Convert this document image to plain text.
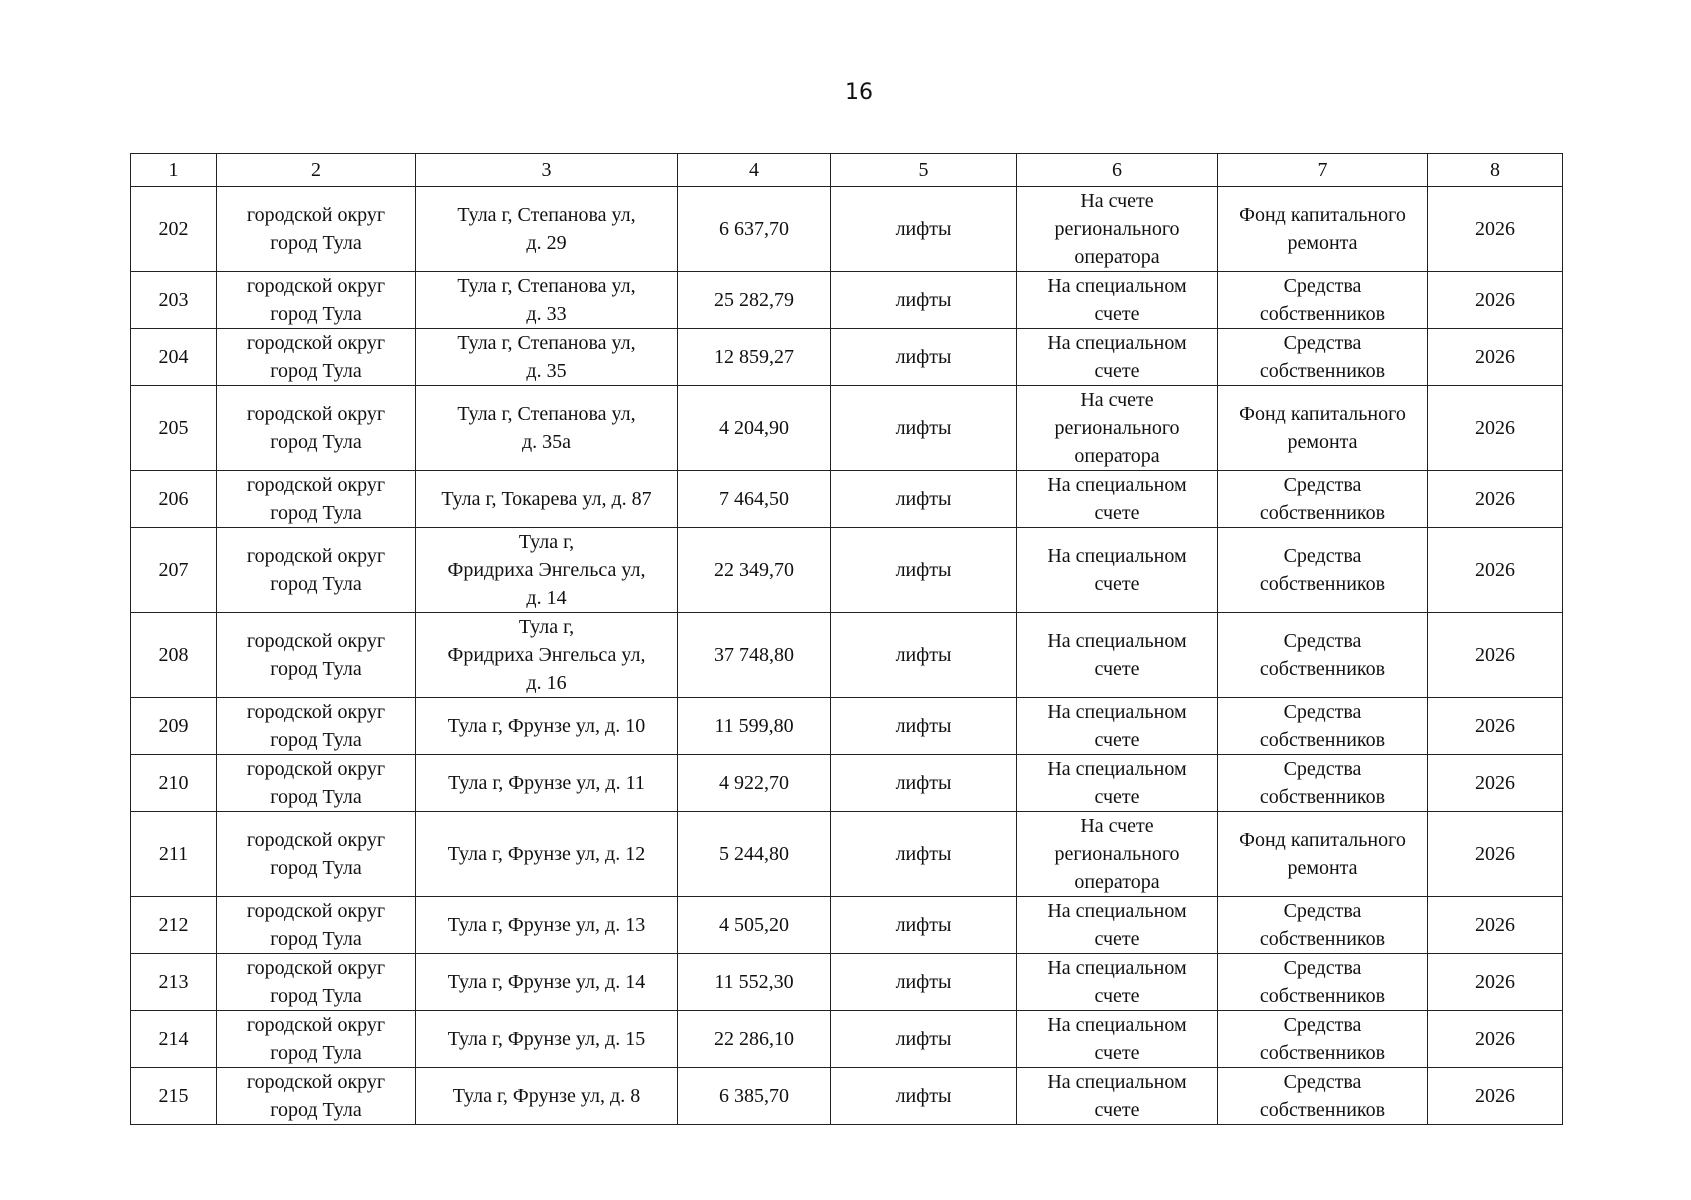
16
1	2	3	4	5	6	7	8

202	городской округ
город Тула	Тула г, Степанова ул,
д. 29	6 637,70	лифты	На счете
регионального
оператора	Фонд капитального
ремонта	2026

203	городской округ
город Тула	Тула г, Степанова ул,
д. 33	25 282,79	лифты	На специальном
счете	Средства
собственников	2026

204	городской округ
город Тула	Тула г, Степанова ул,
д. 35	12 859,27	лифты	На специальном
счете	Средства
собственников	2026

205	городской округ
город Тула	Тула г, Степанова ул,
д. 35а	4 204,90	лифты	На счете
регионального
оператора	Фонд капитального
ремонта	2026

206	городской округ
город Тула	Тула г, Токарева ул, д. 87	7 464,50	лифты	На специальном
счете	Средства
собственников	2026

207	городской округ
город Тула	Тула г,
Фридриха Энгельса ул,
д. 14	22 349,70	лифты	На специальном
счете	Средства
собственников	2026

208	городской округ
город Тула	Тула г,
Фридриха Энгельса ул,
д. 16	37 748,80	лифты	На специальном
счете	Средства
собственников	2026

209	городской округ
город Тула	Тула г, Фрунзе ул, д. 10	11 599,80	лифты	На специальном
счете	Средства
собственников	2026

210	городской округ
город Тула	Тула г, Фрунзе ул, д. 11	4 922,70	лифты	На специальном
счете	Средства
собственников	2026

211	городской округ
город Тула	Тула г, Фрунзе ул, д. 12	5 244,80	лифты	На счете
регионального
оператора	Фонд капитального
ремонта	2026

212	городской округ
город Тула	Тула г, Фрунзе ул, д. 13	4 505,20	лифты	На специальном
счете	Средства
собственников	2026

213	городской округ
город Тула	Тула г, Фрунзе ул, д. 14	11 552,30	лифты	На специальном
счете	Средства
собственников	2026

214	городской округ
город Тула	Тула г, Фрунзе ул, д. 15	22 286,10	лифты	На специальном
счете	Средства
собственников	2026

215	городской округ
город Тула	Тула г, Фрунзе ул, д. 8	6 385,70	лифты	На специальном
счете	Средства
собственников	2026
